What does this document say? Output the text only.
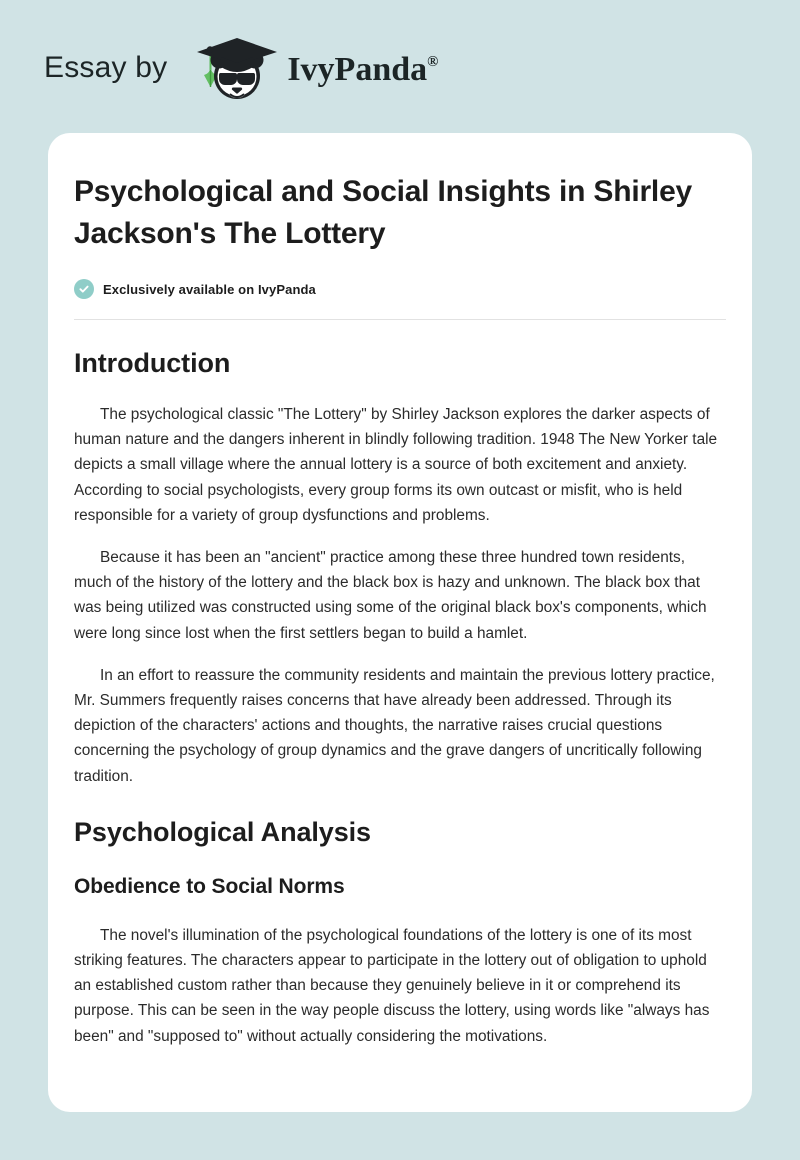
Essay by	IvyPanda®
Psychological and Social Insights in Shirley Jackson's The Lottery
Exclusively available on IvyPanda
Introduction

The psychological classic "The Lottery" by Shirley Jackson explores the darker aspects of human nature and the dangers inherent in blindly following tradition. 1948 The New Yorker tale depicts a small village where the annual lottery is a source of both excitement and anxiety. According to social psychologists, every group forms its own outcast or misfit, who is held responsible for a variety of group dysfunctions and problems.

Because it has been an "ancient" practice among these three hundred town residents, much of the history of the lottery and the black box is hazy and unknown. The black box that was being utilized was constructed using some of the original black box's components, which were long since lost when the first settlers began to build a hamlet.

In an effort to reassure the community residents and maintain the previous lottery practice, Mr. Summers frequently raises concerns that have already been addressed. Through its depiction of the characters' actions and thoughts, the narrative raises crucial questions concerning the psychology of group dynamics and the grave dangers of uncritically following tradition.

Psychological Analysis
Obedience to Social Norms

The novel's illumination of the psychological foundations of the lottery is one of its most striking features. The characters appear to participate in the lottery out of obligation to uphold an established custom rather than because they genuinely believe in it or comprehend its purpose. This can be seen in the way people discuss the lottery, using words like "always has been" and "supposed to" without actually considering the motivations.
